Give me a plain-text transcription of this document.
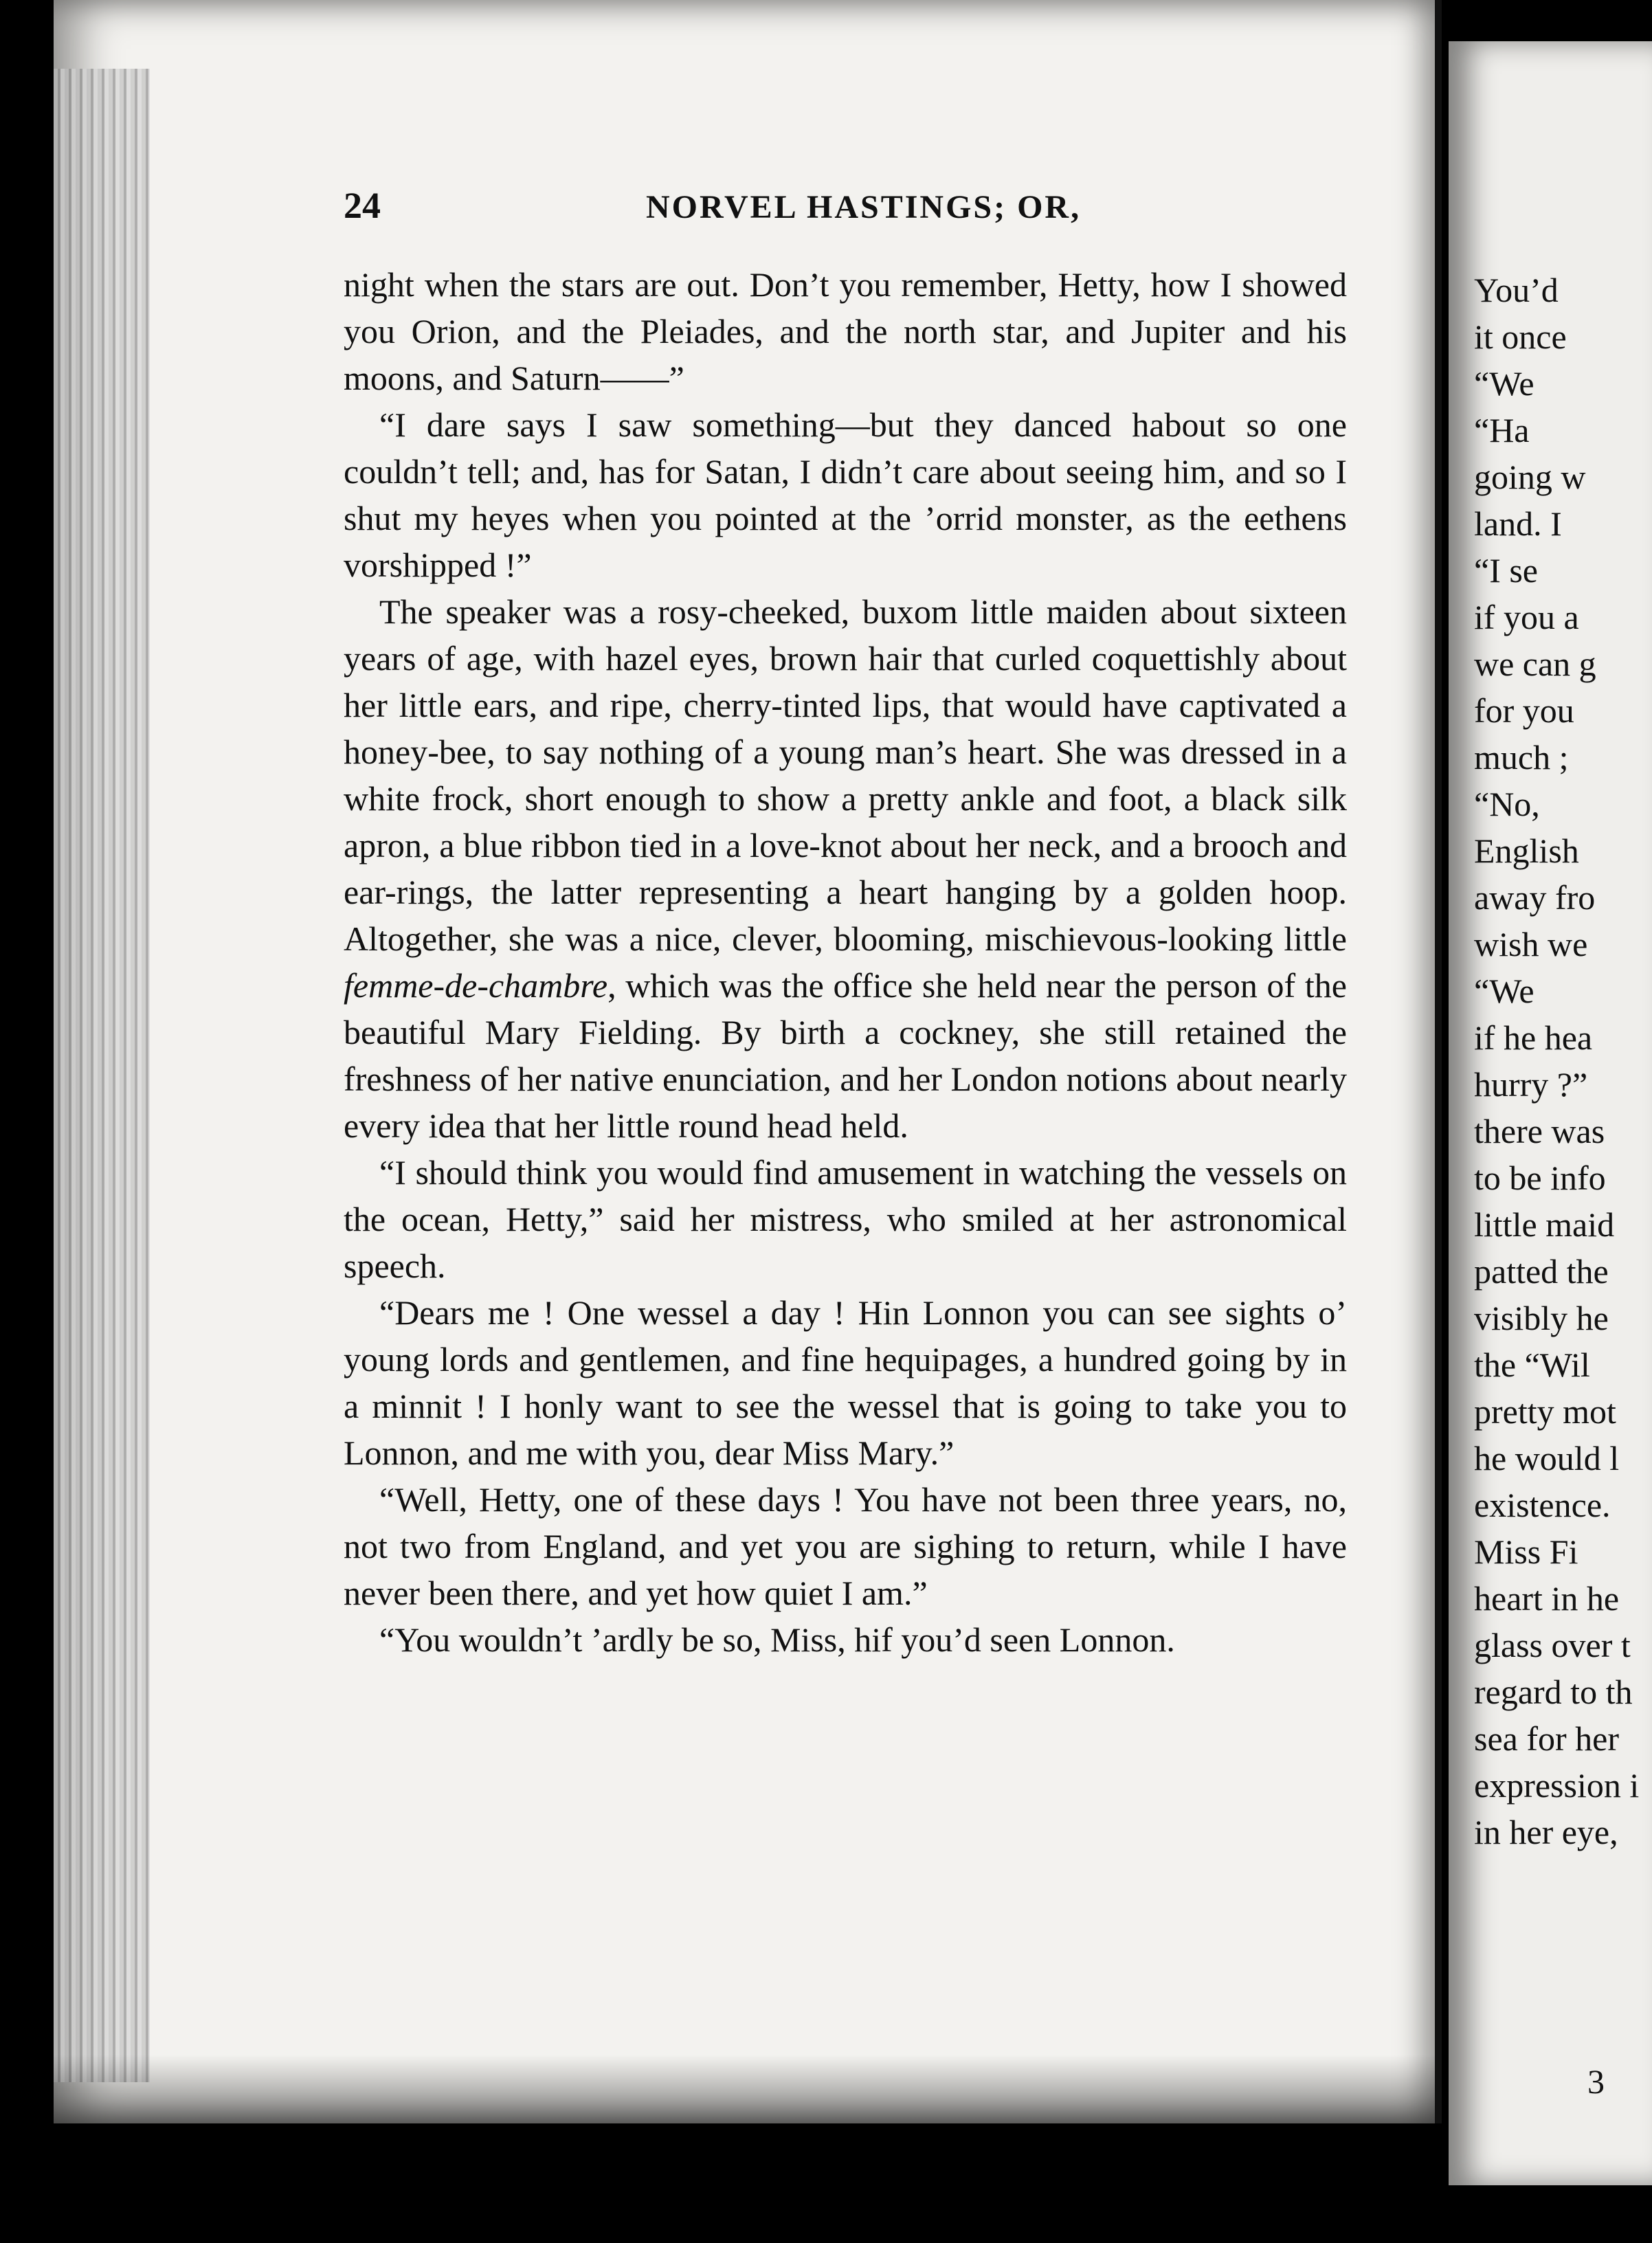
24	NORVEL HASTINGS; OR,

night when the stars are out. Don’t you remember, Hetty, how I showed you Orion, and the Pleiades, and the north star, and Jupiter and his moons, and Saturn——”

“I dare says I saw something—but they danced habout so one couldn’t tell; and, has for Satan, I didn’t care about seeing him, and so I shut my heyes when you pointed at the ’orrid monster, as the eethens vorshipped !”

The speaker was a rosy-cheeked, buxom little maiden about sixteen years of age, with hazel eyes, brown hair that curled coquettishly about her little ears, and ripe, cherry-tinted lips, that would have captivated a honey-bee, to say nothing of a young man’s heart. She was dressed in a white frock, short enough to show a pretty ankle and foot, a black silk apron, a blue ribbon tied in a love-knot about her neck, and a brooch and ear-rings, the latter representing a heart hanging by a golden hoop. Altogether, she was a nice, clever, blooming, mischievous-looking little femme-de-chambre, which was the office she held near the person of the beautiful Mary Fielding. By birth a cockney, she still retained the freshness of her native enunciation, and her London notions about nearly every idea that her little round head held.

“I should think you would find amusement in watching the vessels on the ocean, Hetty,” said her mistress, who smiled at her astronomical speech.

“Dears me ! One wessel a day ! Hin Lonnon you can see sights o’ young lords and gentlemen, and fine hequipages, a hundred going by in a minnit ! I honly want to see the wessel that is going to take you to Lonnon, and me with you, dear Miss Mary.”

“Well, Hetty, one of these days ! You have not been three years, no, not two from England, and yet you are sighing to return, while I have never been there, and yet how quiet I am.”

“You wouldn’t ’ardly be so, Miss, hif you’d seen Lonnon.

You’d
it once
“We
“Ha
going w
land. I
“I se
if you a
we can g
for you
much ;
“No,
English
away fro
wish we
“We
if he hea
hurry ?”
there was
to be info
little maid
patted the
visibly he
the “Wil
pretty mot
he would l
existence.
Miss Fi
heart in he
glass over t
regard to th
sea for her
expression i
in her eye,
3
